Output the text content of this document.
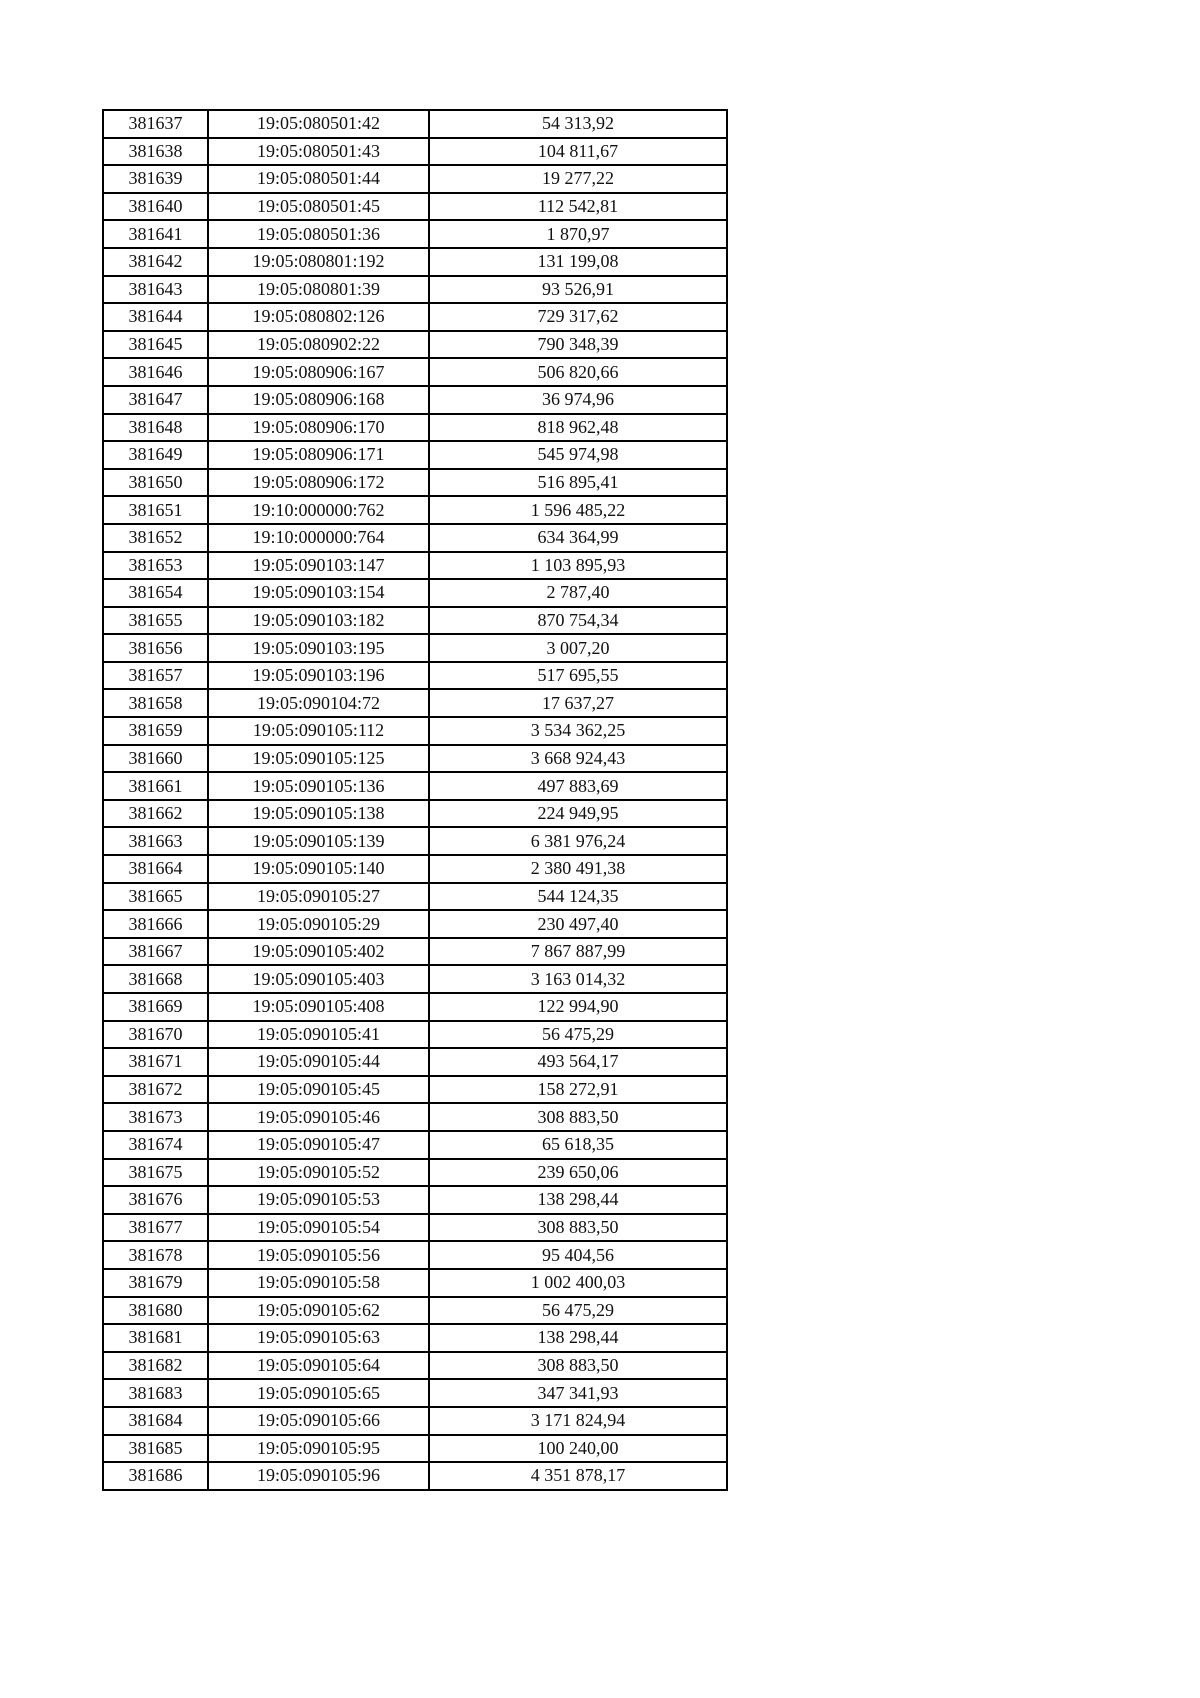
381637	19:05:080501:42	54 313,92
381638	19:05:080501:43	104 811,67
381639	19:05:080501:44	19 277,22
381640	19:05:080501:45	112 542,81
381641	19:05:080501:36	1 870,97
381642	19:05:080801:192	131 199,08
381643	19:05:080801:39	93 526,91
381644	19:05:080802:126	729 317,62
381645	19:05:080902:22	790 348,39
381646	19:05:080906:167	506 820,66
381647	19:05:080906:168	36 974,96
381648	19:05:080906:170	818 962,48
381649	19:05:080906:171	545 974,98
381650	19:05:080906:172	516 895,41
381651	19:10:000000:762	1 596 485,22
381652	19:10:000000:764	634 364,99
381653	19:05:090103:147	1 103 895,93
381654	19:05:090103:154	2 787,40
381655	19:05:090103:182	870 754,34
381656	19:05:090103:195	3 007,20
381657	19:05:090103:196	517 695,55
381658	19:05:090104:72	17 637,27
381659	19:05:090105:112	3 534 362,25
381660	19:05:090105:125	3 668 924,43
381661	19:05:090105:136	497 883,69
381662	19:05:090105:138	224 949,95
381663	19:05:090105:139	6 381 976,24
381664	19:05:090105:140	2 380 491,38
381665	19:05:090105:27	544 124,35
381666	19:05:090105:29	230 497,40
381667	19:05:090105:402	7 867 887,99
381668	19:05:090105:403	3 163 014,32
381669	19:05:090105:408	122 994,90
381670	19:05:090105:41	56 475,29
381671	19:05:090105:44	493 564,17
381672	19:05:090105:45	158 272,91
381673	19:05:090105:46	308 883,50
381674	19:05:090105:47	65 618,35
381675	19:05:090105:52	239 650,06
381676	19:05:090105:53	138 298,44
381677	19:05:090105:54	308 883,50
381678	19:05:090105:56	95 404,56
381679	19:05:090105:58	1 002 400,03
381680	19:05:090105:62	56 475,29
381681	19:05:090105:63	138 298,44
381682	19:05:090105:64	308 883,50
381683	19:05:090105:65	347 341,93
381684	19:05:090105:66	3 171 824,94
381685	19:05:090105:95	100 240,00
381686	19:05:090105:96	4 351 878,17
